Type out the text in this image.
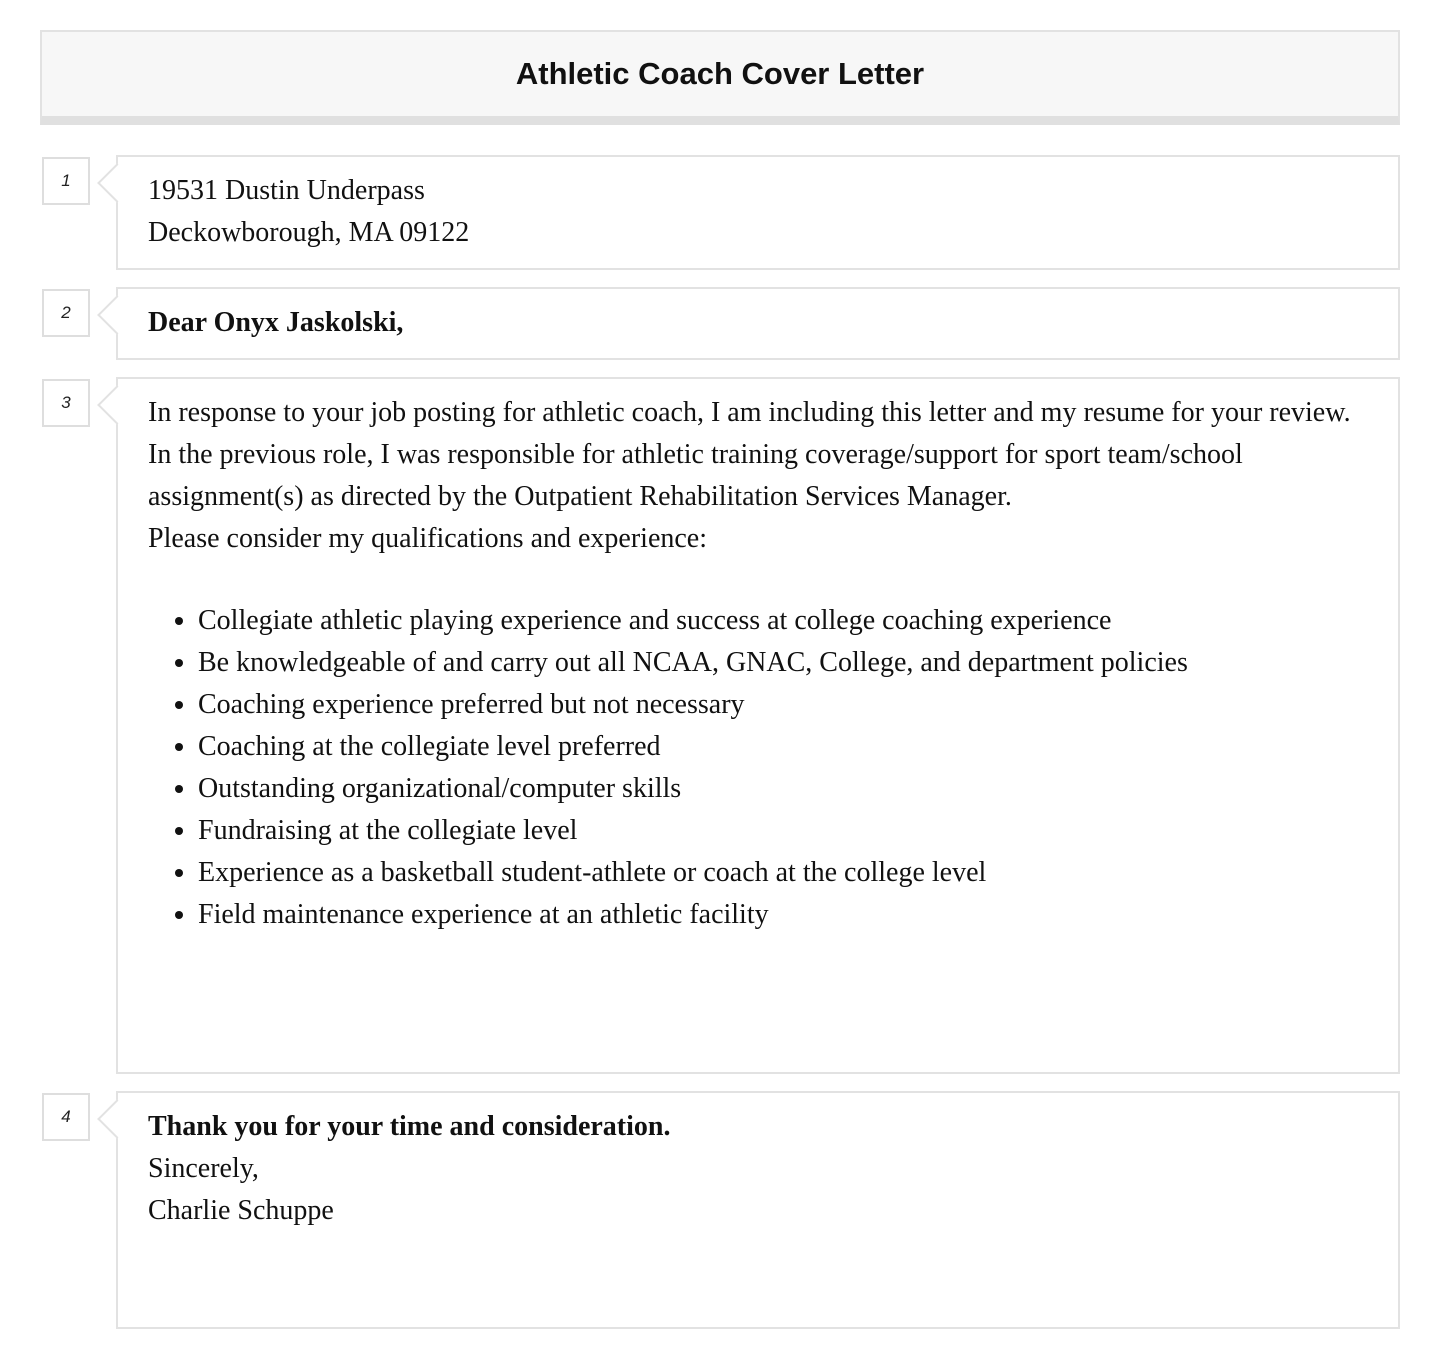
Athletic Coach Cover Letter
1	19531 Dustin Underpass

Deckowborough, MA 09122

2	Dear Onyx Jaskolski,

3	In response to your job posting for athletic coach, I am including this letter and my resume for your review.

In the previous role, I was responsible for athletic training coverage/support for sport team/school assignment(s) as directed by the Outpatient Rehabilitation Services Manager.

Please consider my qualifications and experience:

• Collegiate athletic playing experience and success at college coaching experience
• Be knowledgeable of and carry out all NCAA, GNAC, College, and department policies
• Coaching experience preferred but not necessary
• Coaching at the collegiate level preferred
• Outstanding organizational/computer skills
• Fundraising at the collegiate level
• Experience as a basketball student-athlete or coach at the college level
• Field maintenance experience at an athletic facility
4	Thank you for your time and consideration.

Sincerely,

Charlie Schuppe
